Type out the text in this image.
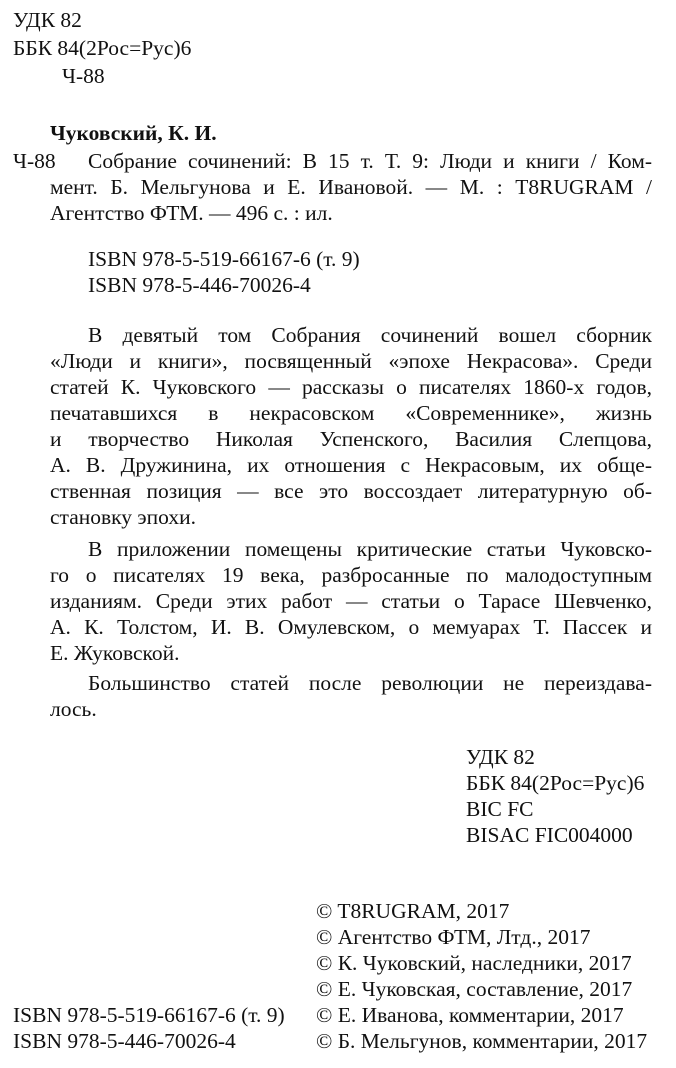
УДК 82
ББК 84(2Рос=Рус)6
Ч-88
Чуковский, К. И.
Ч-88 Собрание сочинений: В 15 т. Т. 9: Люди и книги / Ком-
мент. Б. Мельгунова и Е. Ивановой. — М. : T8RUGRAM /
Агентство ФТМ. — 496 с. : ил.
ISBN 978-5-519-66167-6 (т. 9)
ISBN 978-5-446-70026-4
В девятый том Собрания сочинений вошел сборник
«Люди и книги», посвященный «эпохе Некрасова». Среди
статей К. Чуковского — рассказы о писателях 1860-х годов,
печатавшихся в некрасовском «Современнике», жизнь
и творчество Николая Успенского, Василия Слепцова,
А. В. Дружинина, их отношения с Некрасовым, их обще-
ственная позиция — все это воссоздает литературную об-
становку эпохи.
В приложении помещены критические статьи Чуковско-
го о писателях 19 века, разбросанные по малодоступным
изданиям. Среди этих работ — статьи о Тарасе Шевченко,
А. К. Толстом, И. В. Омулевском, о мемуарах Т. Пассек и
Е. Жуковской.
Большинство статей после революции не переиздава-
лось.
УДК 82
ББК 84(2Рос=Рус)6
BIC FC
BISAC FIC004000
© T8RUGRAM, 2017
© Агентство ФТМ, Лтд., 2017
© К. Чуковский, наследники, 2017
© Е. Чуковская, составление, 2017
© Е. Иванова, комментарии, 2017
© Б. Мельгунов, комментарии, 2017
ISBN 978-5-519-66167-6 (т. 9)
ISBN 978-5-446-70026-4
